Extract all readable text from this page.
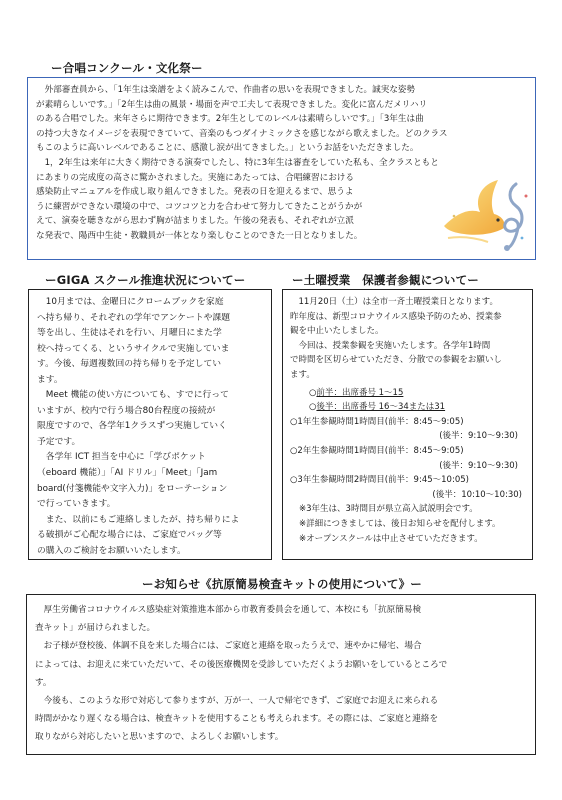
ー合唱コンクール・文化祭ー
　外部審査員から、「1年生は楽譜をよく読みこんで、作曲者の思いを表現できました。誠実な姿勢
が素晴らしいです。」「2年生は曲の風景・場面を声で工夫して表現できました。変化に富んだメリハリ
のある合唱でした。来年さらに期待できます。2年生としてのレベルは素晴らしいです。」「3年生は曲
の持つ大きなイメージを表現できていて、音楽のもつダイナミックさを感じながら歌えました。どのクラス
もこのように高いレベルであることに、感激し涙が出てきました。」というお話をいただきました。
　1，2年生は来年に大きく期待できる演奏でしたし、特に3年生は審査をしていた私も、全クラスともと
にあまりの完成度の高さに驚かされました。実施にあたっては、合唱練習における
感染防止マニュアルを作成し取り組んできました。発表の日を迎えるまで、思うよ
うに練習ができない環境の中で、コツコツと力を合わせて努力してきたことがうかが
えて、演奏を聴きながら思わず胸が詰まりました。午後の発表も、それぞれが立派
な発表で、陽西中生徒・教職員が一体となり楽しむことのできた一日となりました。
ーGIGA スクール推進状況についてー
　10月までは、金曜日にクロームブックを家庭
へ持ち帰り、それぞれの学年でアンケートや課題
等を出し、生徒はそれを行い、月曜日にまた学
校へ持ってくる、というサイクルで実施していま
す。今後、毎週複数回の持ち帰りを予定してい
ます。
　Meet 機能の使い方についても、すでに行って
いますが、校内で行う場合80台程度の接続が
限度ですので、各学年1クラスずつ実施していく
予定です。
　各学年 ICT 担当を中心に「学びポケット
（eboard 機能）」「AI ドリル」「Meet」「Jam
board(付箋機能や文字入力)」をローテーション
で行っていきます。
　また、以前にもご連絡しましたが、持ち帰りによ
る破損がご心配な場合には、ご家庭でバッグ等
の購入のご検討をお願いいたします。
ー土曜授業　保護者参観についてー
　11月20日（土）は全市一斉土曜授業日となります。
昨年度は、新型コロナウイルス感染予防のため、授業参
観を中止いたしました。
　今回は、授業参観を実施いたします。各学年1時間
で時間を区切らせていただき、分散での参観をお願いし
ます。
○前半：出席番号 1～15
○後半：出席番号 16～34または31
○1年生参観時間1時間目(前半：8:45～9:05)
(後半：9:10～9:30)
○2年生参観時間1時間目(前半：8:45～9:05)
(後半：9:10～9:30)
○3年生参観時間2時間目(前半：9:45～10:05)
(後半：10:10～10:30)
※3年生は、3時間目が県立高入試説明会です。
※詳細につきましては、後日お知らせを配付します。
※オープンスクールは中止させていただきます。
ーお知らせ《抗原簡易検査キットの使用について》ー
　厚生労働省コロナウイルス感染症対策推進本部から市教育委員会を通して、本校にも「抗原簡易検
査キット」が届けられました。
　お子様が登校後、体調不良を来した場合には、ご家庭と連絡を取ったうえで、速やかに帰宅、場合
によっては、お迎えに来ていただいて、その後医療機関を受診していただくようお願いをしているところで
す。
　今後も、このような形で対応して参りますが、万が一、一人で帰宅できず、ご家庭でお迎えに来られる
時間がかなり遅くなる場合は、検査キットを使用することも考えられます。その際には、ご家庭と連絡を
取りながら対応したいと思いますので、よろしくお願いします。
